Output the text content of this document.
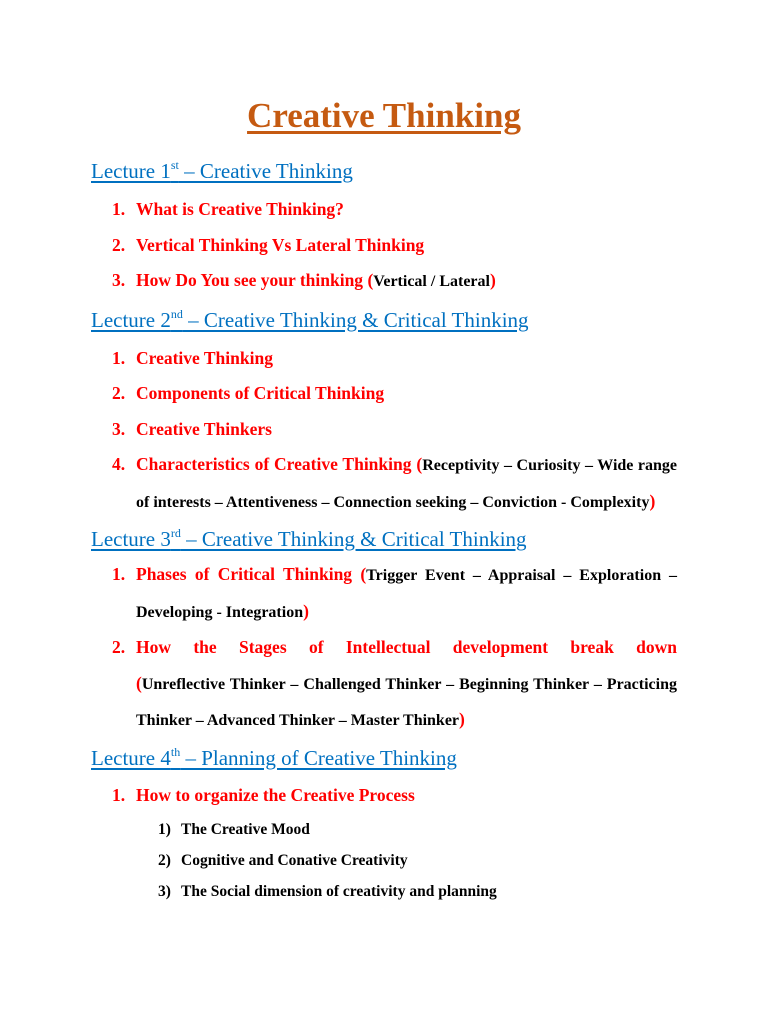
Creative Thinking
Lecture 1st – Creative Thinking
1. What is Creative Thinking?
2. Vertical Thinking Vs Lateral Thinking
3. How Do You see your thinking (Vertical / Lateral)
Lecture 2nd – Creative Thinking & Critical Thinking
1. Creative Thinking
2. Components of Critical Thinking
3. Creative Thinkers
4. Characteristics of Creative Thinking (Receptivity – Curiosity – Wide range of interests – Attentiveness – Connection seeking – Conviction - Complexity)
Lecture 3rd – Creative Thinking & Critical Thinking
1. Phases of Critical Thinking (Trigger Event – Appraisal – Exploration – Developing - Integration)
2. How the Stages of Intellectual development break down
(Unreflective Thinker – Challenged Thinker – Beginning Thinker – Practicing Thinker – Advanced Thinker – Master Thinker)
Lecture 4th – Planning of Creative Thinking
1. How to organize the Creative Process
1) The Creative Mood
2) Cognitive and Conative Creativity
3) The Social dimension of creativity and planning
